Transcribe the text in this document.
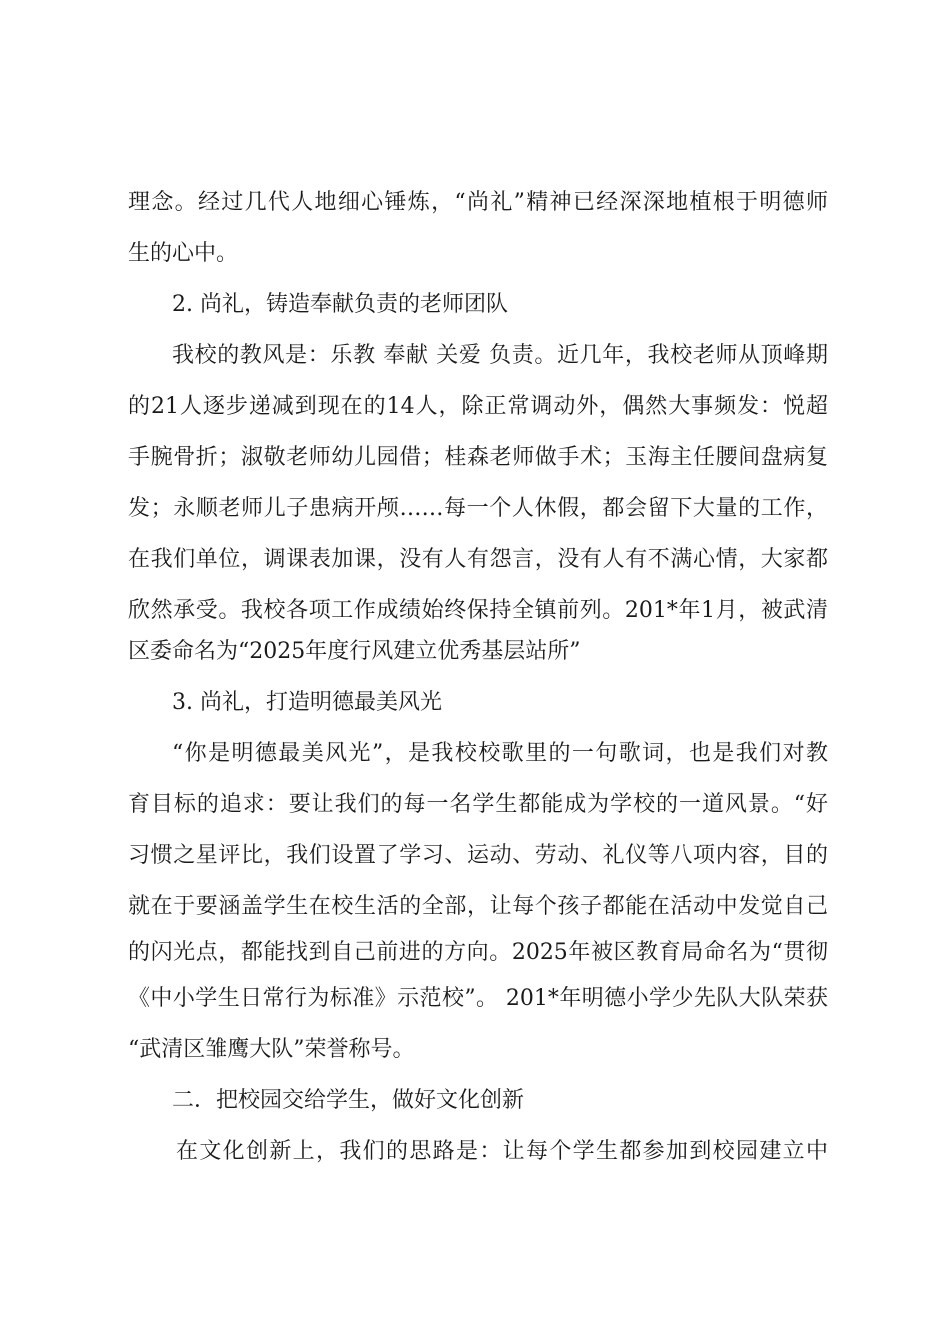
理念。经过几代人地细心锤炼，“尚礼”精神已经深深地植根于明德师
生的心中。
2. 尚礼，铸造奉献负责的老师团队
我校的教风是：乐教 奉献 关爱 负责。近几年，我校老师从顶峰期
的21人逐步递减到现在的14人，除正常调动外，偶然大事频发：悦超
手腕骨折；淑敬老师幼儿园借；桂森老师做手术；玉海主任腰间盘病复
发；永顺老师儿子患病开颅……每一个人休假，都会留下大量的工作，
在我们单位，调课表加课，没有人有怨言，没有人有不满心情，大家都
欣然承受。我校各项工作成绩始终保持全镇前列。201*年1月，被武清
区委命名为“2025年度行风建立优秀基层站所”
3. 尚礼，打造明德最美风光
“你是明德最美风光”，是我校校歌里的一句歌词，也是我们对教
育目标的追求：要让我们的每一名学生都能成为学校的一道风景。“好
习惯之星评比，我们设置了学习、运动、劳动、礼仪等八项内容，目的
就在于要涵盖学生在校生活的全部，让每个孩子都能在活动中发觉自己
的闪光点，都能找到自己前进的方向。2025年被区教育局命名为“贯彻
《中小学生日常行为标准》示范校”。 201*年明德小学少先队大队荣获
“武清区雏鹰大队”荣誉称号。
二．把校园交给学生，做好文化创新
在文化创新上，我们的思路是：让每个学生都参加到校园建立中
